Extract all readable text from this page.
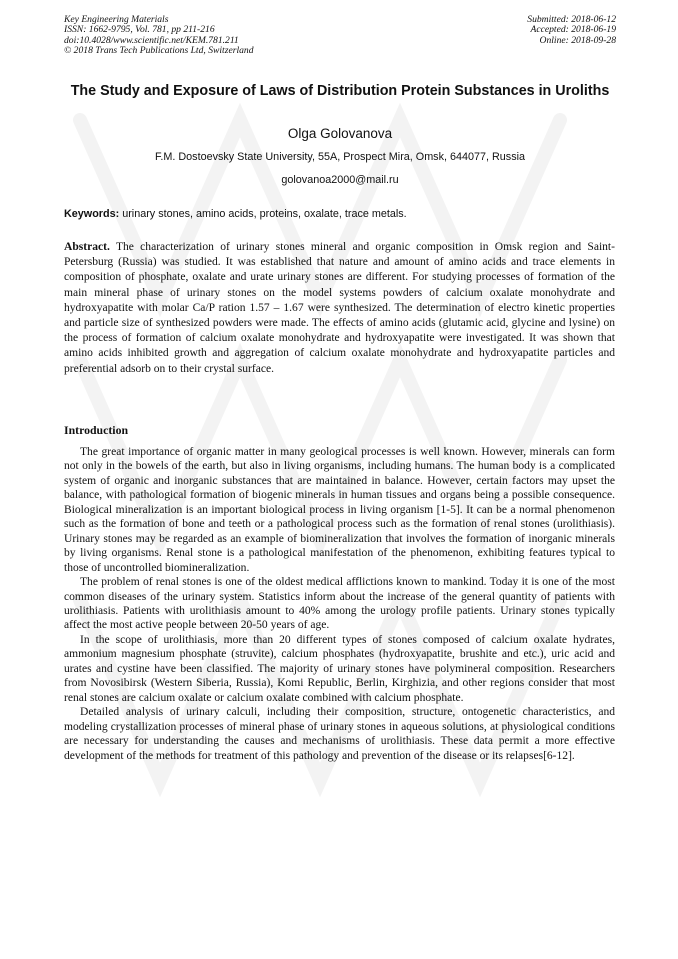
Key Engineering Materials
ISSN: 1662-9795, Vol. 781, pp 211-216
doi:10.4028/www.scientific.net/KEM.781.211
© 2018 Trans Tech Publications Ltd, Switzerland
Submitted: 2018-06-12
Accepted: 2018-06-19
Online: 2018-09-28
The Study and Exposure of Laws of Distribution Protein Substances in Uroliths
Olga Golovanova
F.M. Dostoevsky State University, 55A, Prospect Mira, Omsk, 644077, Russia
golovanoa2000@mail.ru
Keywords: urinary stones, amino acids, proteins, oxalate, trace metals.

Abstract. The characterization of urinary stones mineral and organic composition in Omsk region and Saint-Petersburg (Russia) was studied. It was established that nature and amount of amino acids and trace elements in composition of phosphate, oxalate and urate urinary stones are different. For studying processes of formation of the main mineral phase of urinary stones on the model systems powders of calcium oxalate monohydrate and hydroxyapatite with molar Ca/P ration 1.57 – 1.67 were synthesized. The determination of electro kinetic properties and particle size of synthesized powders were made. The effects of amino acids (glutamic acid, glycine and lysine) on the process of formation of calcium oxalate monohydrate and hydroxyapatite were investigated. It was shown that amino acids inhibited growth and aggregation of calcium oxalate monohydrate and hydroxyapatite particles and preferential adsorb on to their crystal surface.

Introduction

The great importance of organic matter in many geological processes is well known. However, minerals can form not only in the bowels of the earth, but also in living organisms, including humans. The human body is a complicated system of organic and inorganic substances that are maintained in balance. However, certain factors may upset the balance, with pathological formation of biogenic minerals in human tissues and organs being a possible consequence. Biological mineralization is an important biological process in living organism [1-5]. It can be a normal phenomenon such as the formation of bone and teeth or a pathological process such as the formation of renal stones (urolithiasis). Urinary stones may be regarded as an example of biomineralization that involves the formation of inorganic minerals by living organisms. Renal stone is a pathological manifestation of the phenomenon, exhibiting features typical to those of uncontrolled biomineralization.

The problem of renal stones is one of the oldest medical afflictions known to mankind. Today it is one of the most common diseases of the urinary system. Statistics inform about the increase of the general quantity of patients with urolithiasis. Patients with urolithiasis amount to 40% among the urology profile patients. Urinary stones typically affect the most active people between 20-50 years of age.

In the scope of urolithiasis, more than 20 different types of stones composed of calcium oxalate hydrates, ammonium magnesium phosphate (struvite), calcium phosphates (hydroxyapatite, brushite and etc.), uric acid and urates and cystine have been classified. The majority of urinary stones have polymineral composition. Researchers from Novosibirsk (Western Siberia, Russia), Komi Republic, Berlin, Kirghizia, and other regions consider that most renal stones are calcium oxalate or calcium oxalate combined with calcium phosphate.

Detailed analysis of urinary calculi, including their composition, structure, ontogenetic characteristics, and modeling crystallization processes of mineral phase of urinary stones in aqueous solutions, at physiological conditions are necessary for understanding the causes and mechanisms of urolithiasis. These data permit a more effective development of the methods for treatment of this pathology and prevention of the disease or its relapses[6-12].
